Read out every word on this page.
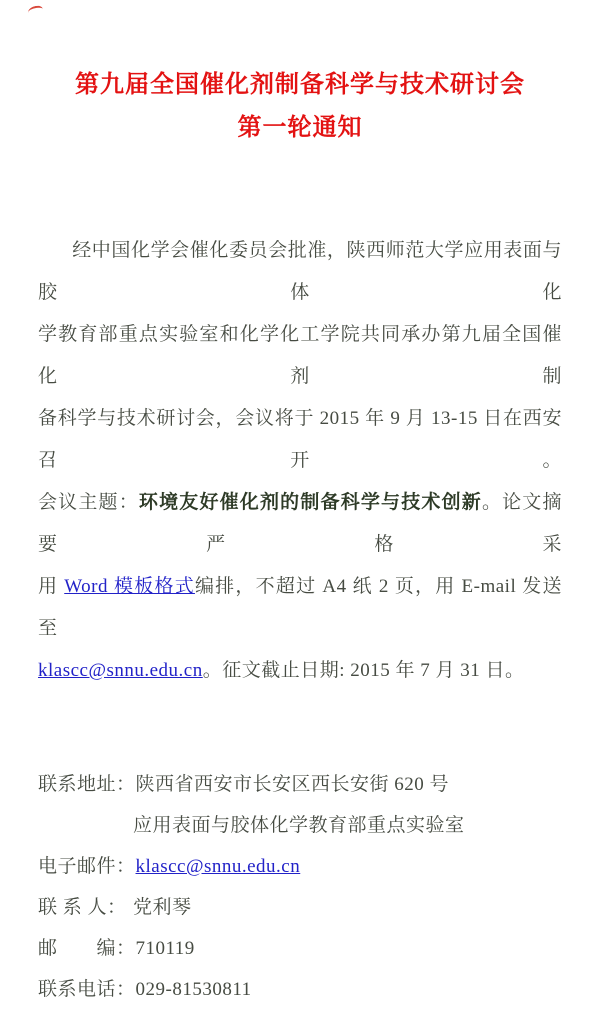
第九届全国催化剂制备科学与技术研讨会
第一轮通知
经中国化学会催化委员会批准，陕西师范大学应用表面与胶体化
学教育部重点实验室和化学化工学院共同承办第九届全国催化剂制
备科学与技术研讨会，会议将于 2015 年 9 月 13-15 日在西安召开。
会议主题：环境友好催化剂的制备科学与技术创新。论文摘要严格采
用 Word 模板格式编排，不超过 A4 纸 2 页，用 E-mail 发送至
klascc@snnu.edu.cn。征文截止日期: 2015 年 7 月 31 日。
联系地址：陕西省西安市长安区西长安街 620 号
应用表面与胶体化学教育部重点实验室
电子邮件：klascc@snnu.edu.cn
联 系 人： 党利琴
邮　　编：710119
联系电话：029-81530811
